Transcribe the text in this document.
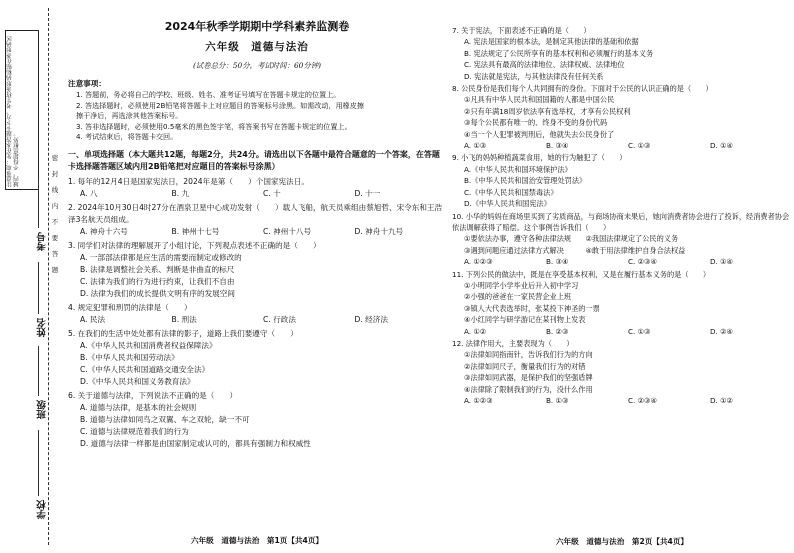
注意事项：先在本答题卡下方，考生将条形码粘贴在条形码区域内，不得超出框外。	密
封
线
内
不
要
答
题
考号
姓名
班级
学校
2024年秋季学期期中学科素养监测卷
六年级　道德与法治
(试卷总分：50分，考试时间：60分钟)
注意事项：
1. 答题前，务必将自己的学校、班级、姓名、准考证号填写在答题卡规定的位置上。
2. 答选择题时，必须使用2B铅笔将答题卡上对应题目的答案标号涂黑。如需改动，用橡皮擦
擦干净后，再选涂其他答案标号。
3. 答非选择题时，必须使用0.5毫米的黑色签字笔，将答案书写在答题卡规定的位置上。
4. 考试结束后，将答题卡交回。
一、单项选择题（本大题共12题，每题2分，共24分。请选出以下各题中最符合题意的一个答案，在答题卡选择题答题区域内用2B铅笔把对应题目的答案标号涂黑）
1. 每年的12月4日是国家宪法日，2024年是第（　　）个国家宪法日。
A. 八	B. 九	C. 十	D. 十一
2. 2024年10月30日4时27分在酒泉卫星中心成功发射（　　）载人飞船，航天员乘组由蔡旭哲、宋令东和王浩泽3名航天员组成。
A. 神舟十六号	B. 神州十七号	C. 神州十八号	D. 神舟十九号
3. 同学们对法律的理解展开了小组讨论，下列观点表述不正确的是（　　）
A. 一部部法律都是应生活的需要而制定或修改的
B. 法律是调整社会关系、判断是非曲直的标尺
C. 法律为我们的行为进行约束，让我们不自由
D. 法律为我们的成长提供文明有序的发展空间
4. 规定犯罪和刑罚的法律是（　　）
A. 民法	B. 刑法	C. 行政法	D. 经济法
5. 在我们的生活中处处都有法律的影子，道路上我们要遵守（　　）
A.《中华人民共和国消费者权益保障法》
B.《中华人民共和国劳动法》
C.《中华人民共和国道路交通安全法》
D.《中华人民共和国义务教育法》
6. 关于道德与法律，下列说法不正确的是（　　）
A. 道德与法律，是基本的社会规则
B. 道德与法律如同鸟之双翼、车之双轮，缺一不可
C. 道德与法律规范着我们的行为
D. 道德与法律一样都是由国家制定或认可的，都具有强制力和权威性
六年级　道德与法治　第1页【共4页】
7. 关于宪法，下面表述不正确的是（　　）
A. 宪法是国家的根本法，是制定其他法律的基础和依据
B. 宪法规定了公民所享有的基本权利和必须履行的基本义务
C. 宪法具有最高的法律地位、法律权威、法律地位
D. 宪法就是宪法，与其他法律没有任何关系
8. 公民身份是我们每个人共同拥有的身份。下面对于公民的认识正确的是（　　）
①凡具有中华人民共和国国籍的人都是中国公民
②只有年满18周岁依法享有选举权，才享有公民权利
③每个公民都有唯一的、终身不变的身份代码
④当一个人犯罪被判刑后，他就失去公民身份了
A. ①③	B. ③④	C. ①③	D. ①④
9. 小飞的妈妈种植蔬菜食用，她的行为触犯了（　　）
A.《中华人民共和国环境保护法》
B.《中华人民共和国治安管理处罚法》
C.《中华人民共和国禁毒法》
D.《中华人民共和国宪法》
10. 小华的妈妈在商场里买到了劣质商品，与商场协商未果后，她向消费者协会进行了投诉，经消费者协会依法调解获得了赔偿。这个事例告诉我们（　　）
①要依法办事，遵守各种法律法规　　②我国法律规定了公民的义务
③遇到问题应通过法律方式解决　　　④敢于用法律维护自身合法权益
A. ①②③	B. ③④	C. ②③④	D. ①④
11. 下列公民的做法中，既是在享受基本权利，又是在履行基本义务的是（　　）
①小明同学小学毕业后升入初中学习
②小强的爸爸在一家民营企业上班
③镇人大代表选举时，张某投下神圣的一票
④小红同学与研学游记在某刊物上发表
A. ①②	B. ②③	C. ①③	D. ②④
12. 法律作用大，主要表现为（　　）
①法律如同指南针，告诉我们行为的方向
②法律如同尺子，衡量我们行为的对错
③法律如同武器，是保护我们的坚强盾牌
④法律除了限制我们的行为，没什么作用
A. ①②③	B. ①③	C. ②③④	D. ①②
六年级　道德与法治　第2页【共4页】
